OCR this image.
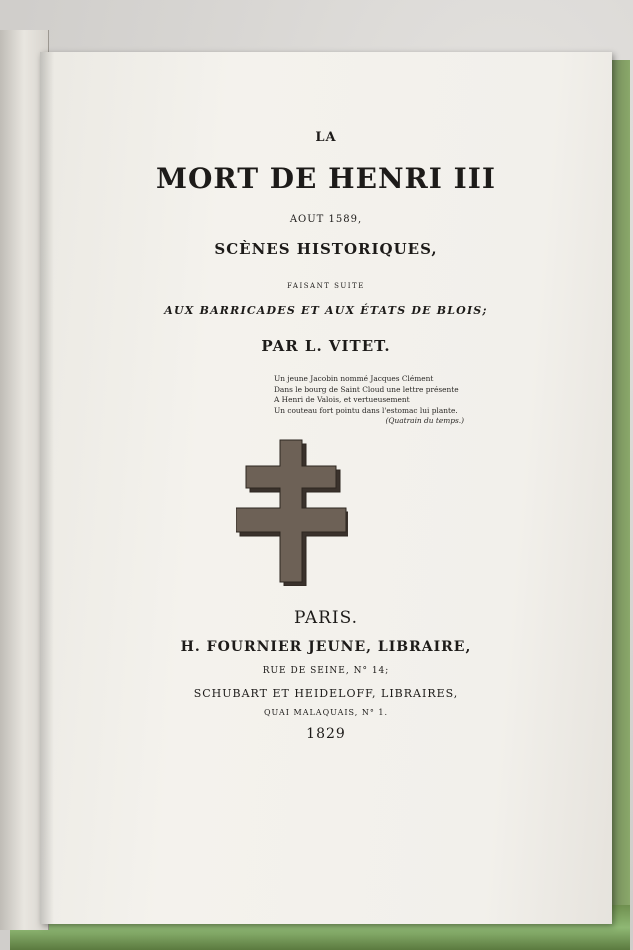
LA
MORT DE HENRI III
AOUT 1589,
SCÈNES HISTORIQUES,
FAISANT SUITE
AUX BARRICADES ET AUX ÉTATS DE BLOIS;
PAR L. VITET.
Un jeune Jacobin nommé Jacques Clément
Dans le bourg de Saint Cloud une lettre présente
A Henri de Valois, et vertueusement
Un couteau fort pointu dans l'estomac lui plante.
(Quatrain du temps.)
PARIS.
H. FOURNIER JEUNE, LIBRAIRE,
RUE DE SEINE, N° 14;
SCHUBART ET HEIDELOFF, LIBRAIRES,
QUAI MALAQUAIS, N° 1.
1829
